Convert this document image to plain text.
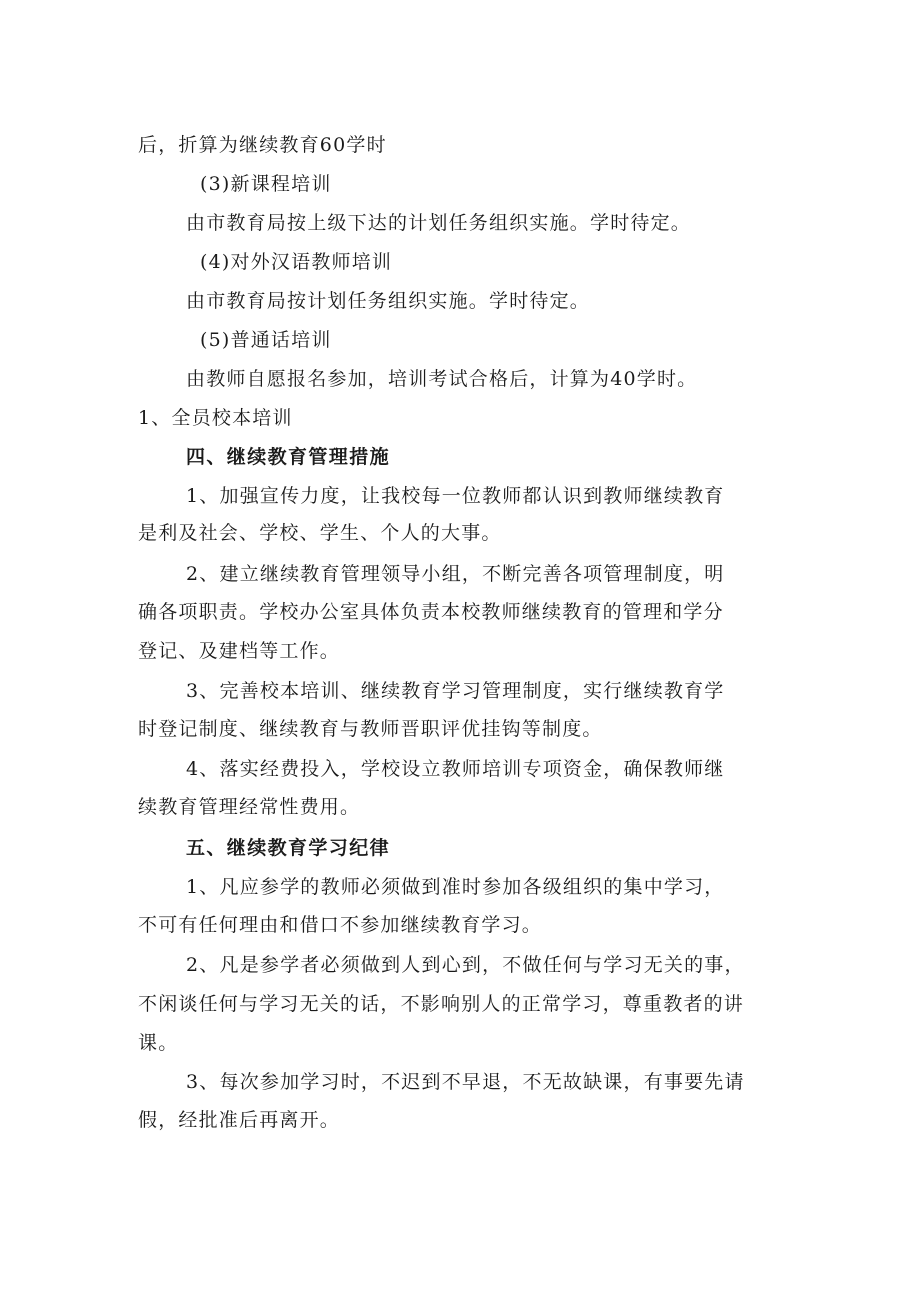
后，折算为继续教育60学时
(3)新课程培训
由市教育局按上级下达的计划任务组织实施。学时待定。
(4)对外汉语教师培训
由市教育局按计划任务组织实施。学时待定。
(5)普通话培训
由教师自愿报名参加，培训考试合格后，计算为40学时。
1、全员校本培训
四、继续教育管理措施
1、加强宣传力度，让我校每一位教师都认识到教师继续教育
是利及社会、学校、学生、个人的大事。
2、建立继续教育管理领导小组，不断完善各项管理制度，明
确各项职责。学校办公室具体负责本校教师继续教育的管理和学分
登记、及建档等工作。
3、完善校本培训、继续教育学习管理制度，实行继续教育学
时登记制度、继续教育与教师晋职评优挂钩等制度。
4、落实经费投入，学校设立教师培训专项资金，确保教师继
续教育管理经常性费用。
五、继续教育学习纪律
1、凡应参学的教师必须做到准时参加各级组织的集中学习，
不可有任何理由和借口不参加继续教育学习。
2、凡是参学者必须做到人到心到，不做任何与学习无关的事，
不闲谈任何与学习无关的话，不影响别人的正常学习，尊重教者的讲
课。
3、每次参加学习时，不迟到不早退，不无故缺课，有事要先请
假，经批准后再离开。
